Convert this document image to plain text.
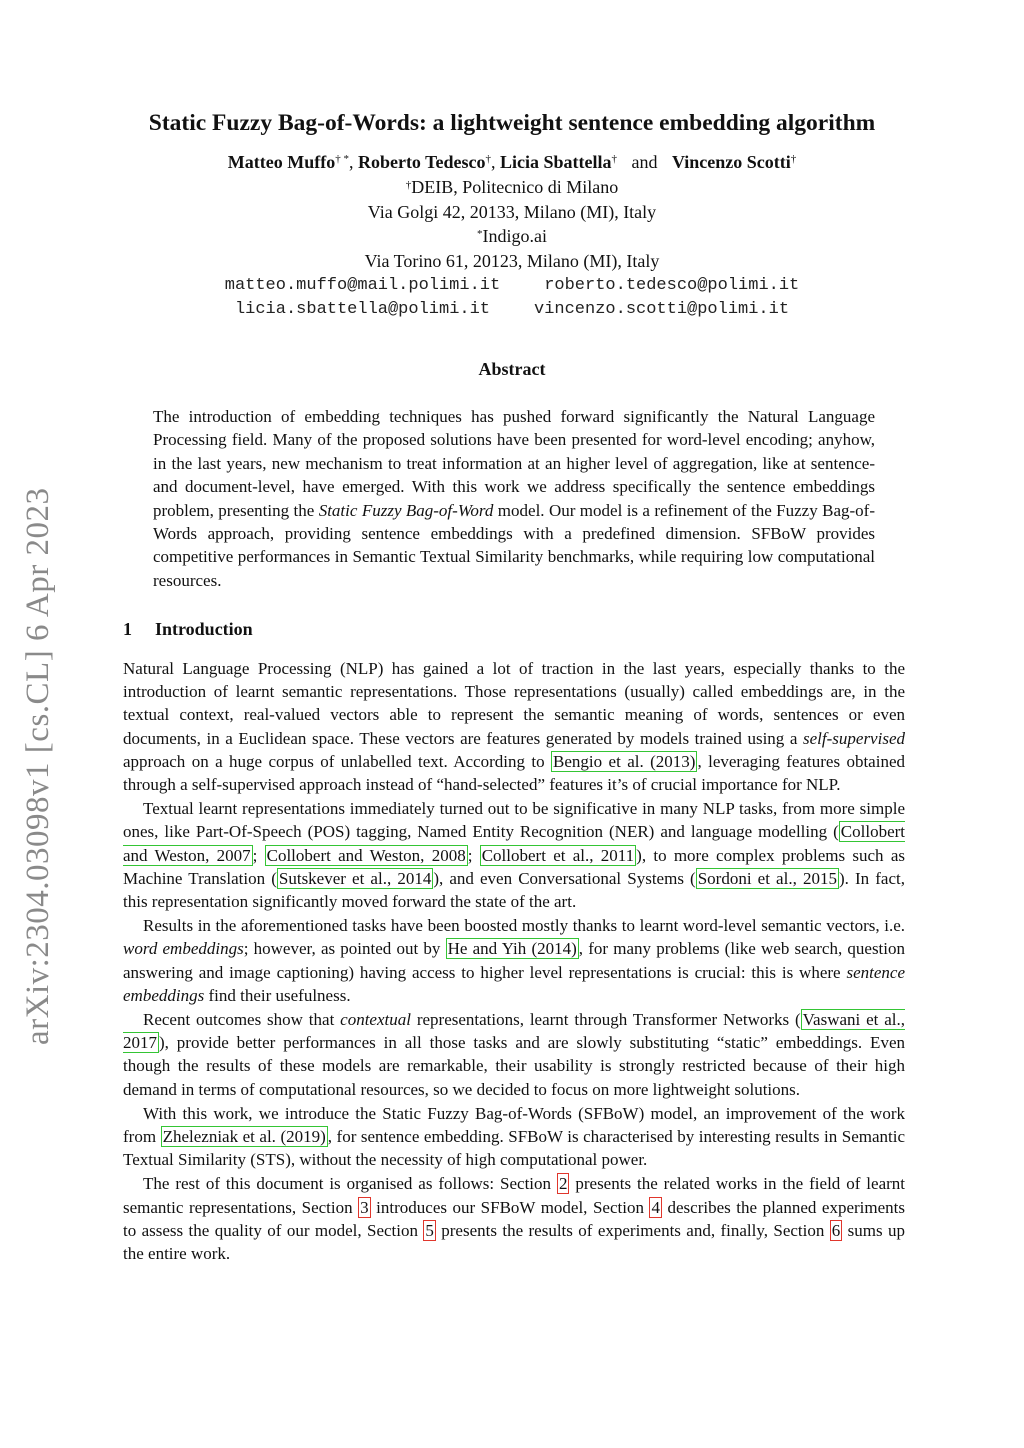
arXiv:2304.03098v1 [cs.CL] 6 Apr 2023
Static Fuzzy Bag-of-Words: a lightweight sentence embedding algorithm
Matteo Muffo† *, Roberto Tedesco†, Licia Sbattella† and Vincenzo Scotti†
†DEIB, Politecnico di Milano
Via Golgi 42, 20133, Milano (MI), Italy
*Indigo.ai
Via Torino 61, 20123, Milano (MI), Italy
matteo.muffo@mail.polimi.it	roberto.tedesco@polimi.it
licia.sbattella@polimi.it	vincenzo.scotti@polimi.it
Abstract
The introduction of embedding techniques has pushed forward significantly the Natural Language Processing field. Many of the proposed solutions have been presented for word-level encoding; anyhow, in the last years, new mechanism to treat information at an higher level of aggregation, like at sentence- and document-level, have emerged. With this work we address specifically the sentence embeddings problem, presenting the Static Fuzzy Bag-of-Word model. Our model is a refinement of the Fuzzy Bag-of-Words approach, providing sentence embeddings with a predefined dimension. SFBoW provides competitive performances in Semantic Textual Similarity benchmarks, while requiring low computational resources.
1 Introduction

Natural Language Processing (NLP) has gained a lot of traction in the last years, especially thanks to the introduction of learnt semantic representations. Those representations (usually) called embeddings are, in the textual context, real-valued vectors able to represent the semantic meaning of words, sentences or even documents, in a Euclidean space. These vectors are features generated by models trained using a self-supervised approach on a huge corpus of unlabelled text. According to Bengio et al. (2013) , leveraging features obtained through a self-supervised approach instead of “hand-selected” features it’s of crucial importance for NLP.

Textual learnt representations immediately turned out to be significative in many NLP tasks, from more simple ones, like Part-Of-Speech (POS) tagging, Named Entity Recognition (NER) and language modelling ( Collobert and Weston, 2007 ; Collobert and Weston, 2008 ; Collobert et al., 2011 ), to more complex problems such as Machine Translation ( Sutskever et al., 2014 ), and even Conversational Systems ( Sordoni et al., 2015 ). In fact, this representation significantly moved forward the state of the art.

Results in the aforementioned tasks have been boosted mostly thanks to learnt word-level semantic vectors, i.e. word embeddings; however, as pointed out by He and Yih (2014) , for many problems (like web search, question answering and image captioning) having access to higher level representations is crucial: this is where sentence embeddings find their usefulness.

Recent outcomes show that contextual representations, learnt through Transformer Networks ( Vaswani et al., 2017 ), provide better performances in all those tasks and are slowly substituting “static” embeddings. Even though the results of these models are remarkable, their usability is strongly restricted because of their high demand in terms of computational resources, so we decided to focus on more lightweight solutions.

With this work, we introduce the Static Fuzzy Bag-of-Words (SFBoW) model, an improvement of the work from Zhelezniak et al. (2019) , for sentence embedding. SFBoW is characterised by interesting results in Semantic Textual Similarity (STS), without the necessity of high computational power.

The rest of this document is organised as follows: Section 2 presents the related works in the field of learnt semantic representations, Section 3 introduces our SFBoW model, Section 4 describes the planned experiments to assess the quality of our model, Section 5 presents the results of experiments and, finally, Section 6 sums up the entire work.
